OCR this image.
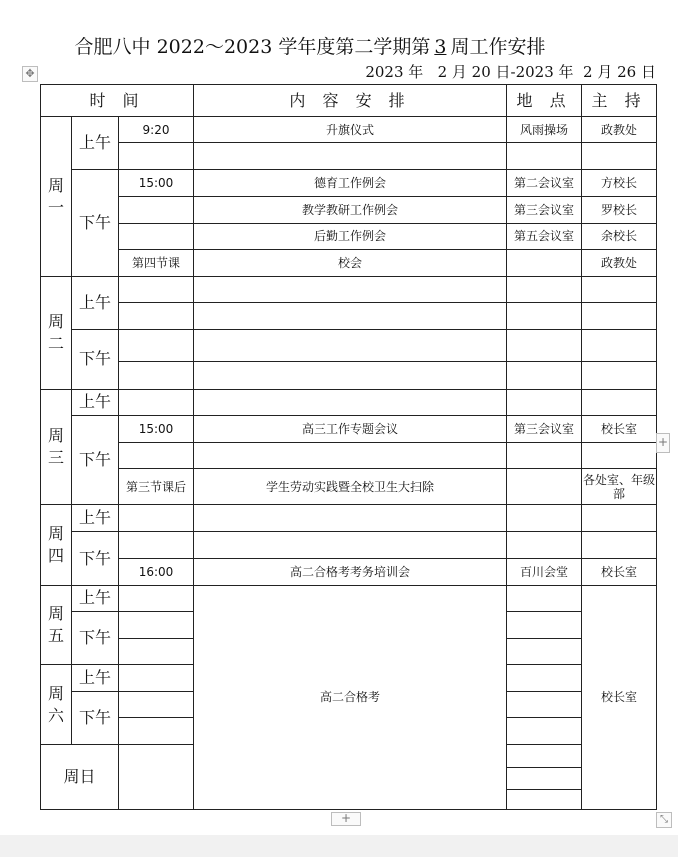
合肥八中 2022～2023 学年度第二学期第 3 周工作安排
2023 年   2 月 20 日-2023 年  2 月 26 日
✥
时 间			内 容 安 排	地 点	主 持
周
一	上午	9:20	升旗仪式	风雨操场	政教处

	下午	15:00	德育工作例会	第二会议室	方校长
			教学教研工作例会	第三会议室	罗校长
			后勤工作例会	第五会议室	余校长
		第四节课	校会		政教处
周
二	上午				

	下午				

周
三	上午				
	下午	15:00	高三工作专题会议	第三会议室	校长室

		第三节课后	学生劳动实践暨全校卫生大扫除		各处室、年级部
周
四	上午				
	下午				
		16:00	高二合格考考务培训会	百川会堂	校长室
周
五	上午		高二合格考		校长室
	下午				

周
六	上午				
	下午				

周日					

+
+	⤡
